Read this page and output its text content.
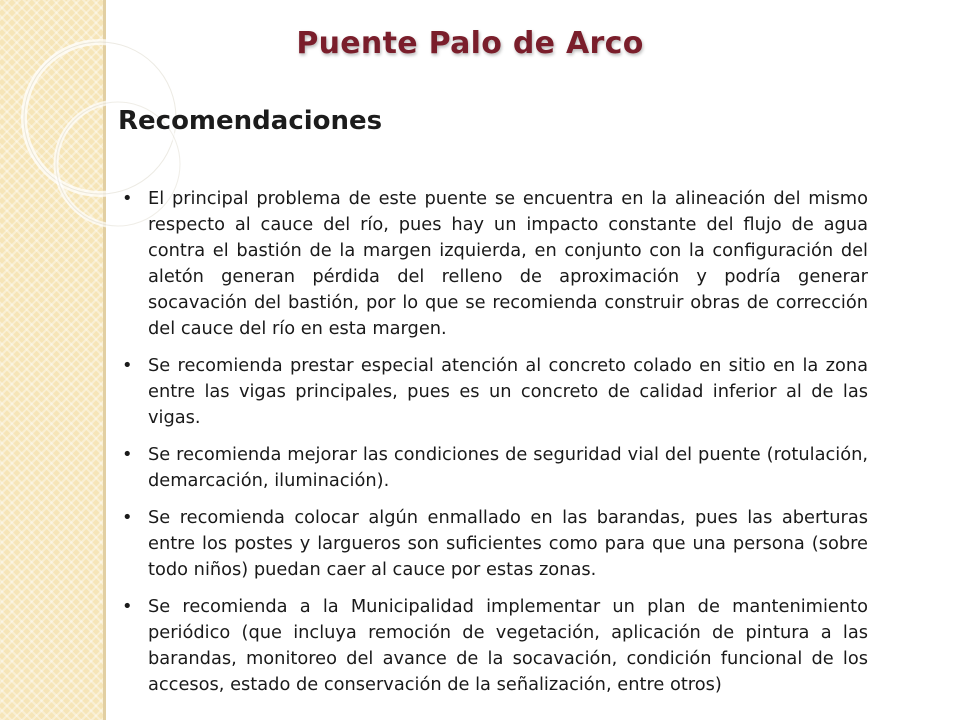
Puente Palo de Arco
Recomendaciones
• El principal problema de este puente se encuentra en la alineación del mismo respecto al cauce del río, pues hay un impacto constante del flujo de agua contra el bastión de la margen izquierda, en conjunto con la configuración del aletón generan pérdida del relleno de aproximación y podría generar socavación del bastión, por lo que se recomienda construir obras de corrección del cauce del río en esta margen.
• Se recomienda prestar especial atención al concreto colado en sitio en la zona entre las vigas principales, pues es un concreto de calidad inferior al de las vigas.
• Se recomienda mejorar las condiciones de seguridad vial del puente (rotulación, demarcación, iluminación).
• Se recomienda colocar algún enmallado en las barandas, pues las aberturas entre los postes y largueros son suficientes como para que una persona (sobre todo niños) puedan caer al cauce por estas zonas.
• Se recomienda a la Municipalidad implementar un plan de mantenimiento periódico (que incluya remoción de vegetación, aplicación de pintura a las barandas, monitoreo del avance de la socavación, condición funcional de los accesos, estado de conservación de la señalización, entre otros)
